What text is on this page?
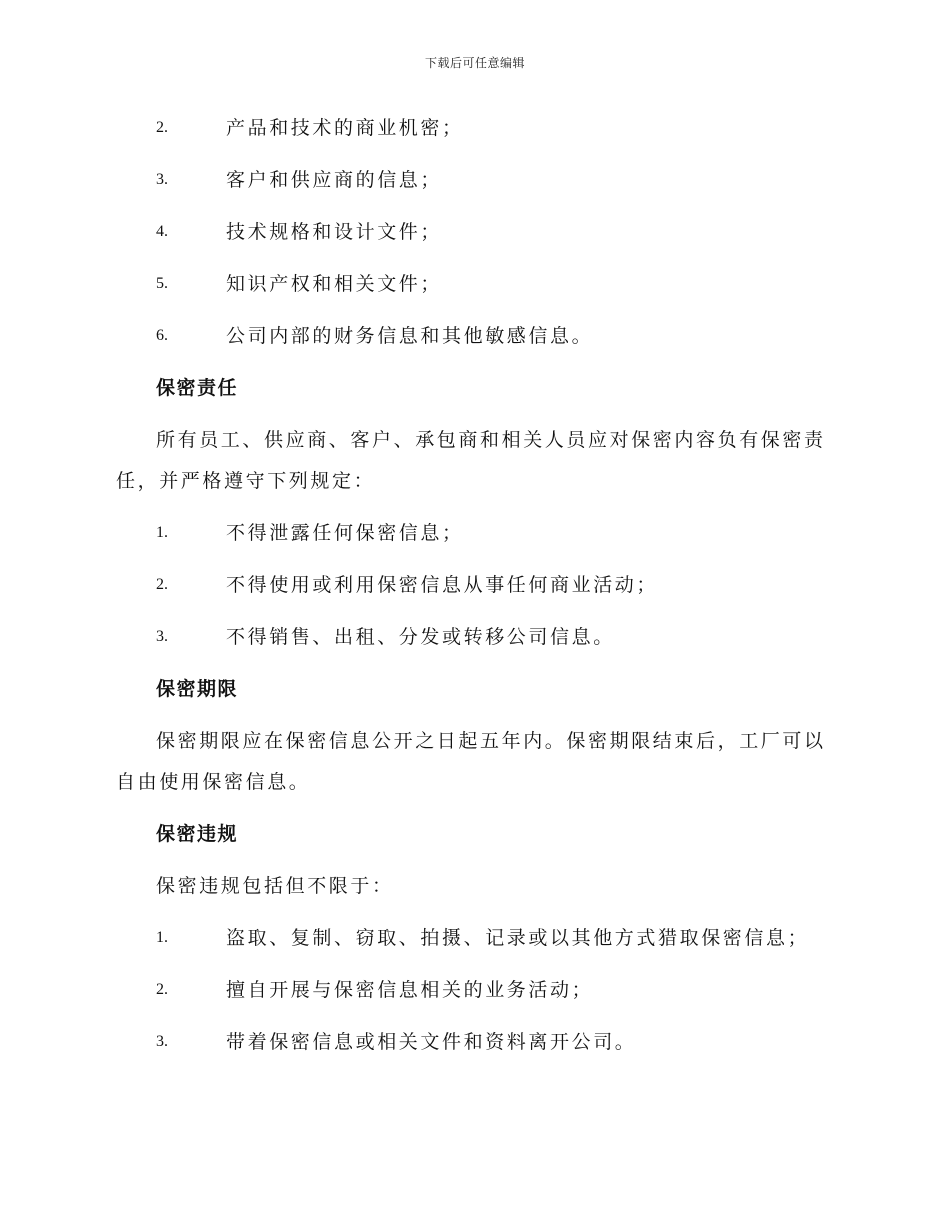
下载后可任意编辑
2.	产品和技术的商业机密；
3.	客户和供应商的信息；
4.	技术规格和设计文件；
5.	知识产权和相关文件；
6.	公司内部的财务信息和其他敏感信息。
保密责任

所有员工、供应商、客户、承包商和相关人员应对保密内容负有保密责任，并严格遵守下列规定：

1.	不得泄露任何保密信息；
2.	不得使用或利用保密信息从事任何商业活动；
3.	不得销售、出租、分发或转移公司信息。
保密期限

保密期限应在保密信息公开之日起五年内。保密期限结束后，工厂可以自由使用保密信息。

保密违规

保密违规包括但不限于：

1.	盗取、复制、窃取、拍摄、记录或以其他方式猎取保密信息；
2.	擅自开展与保密信息相关的业务活动；
3.	带着保密信息或相关文件和资料离开公司。
